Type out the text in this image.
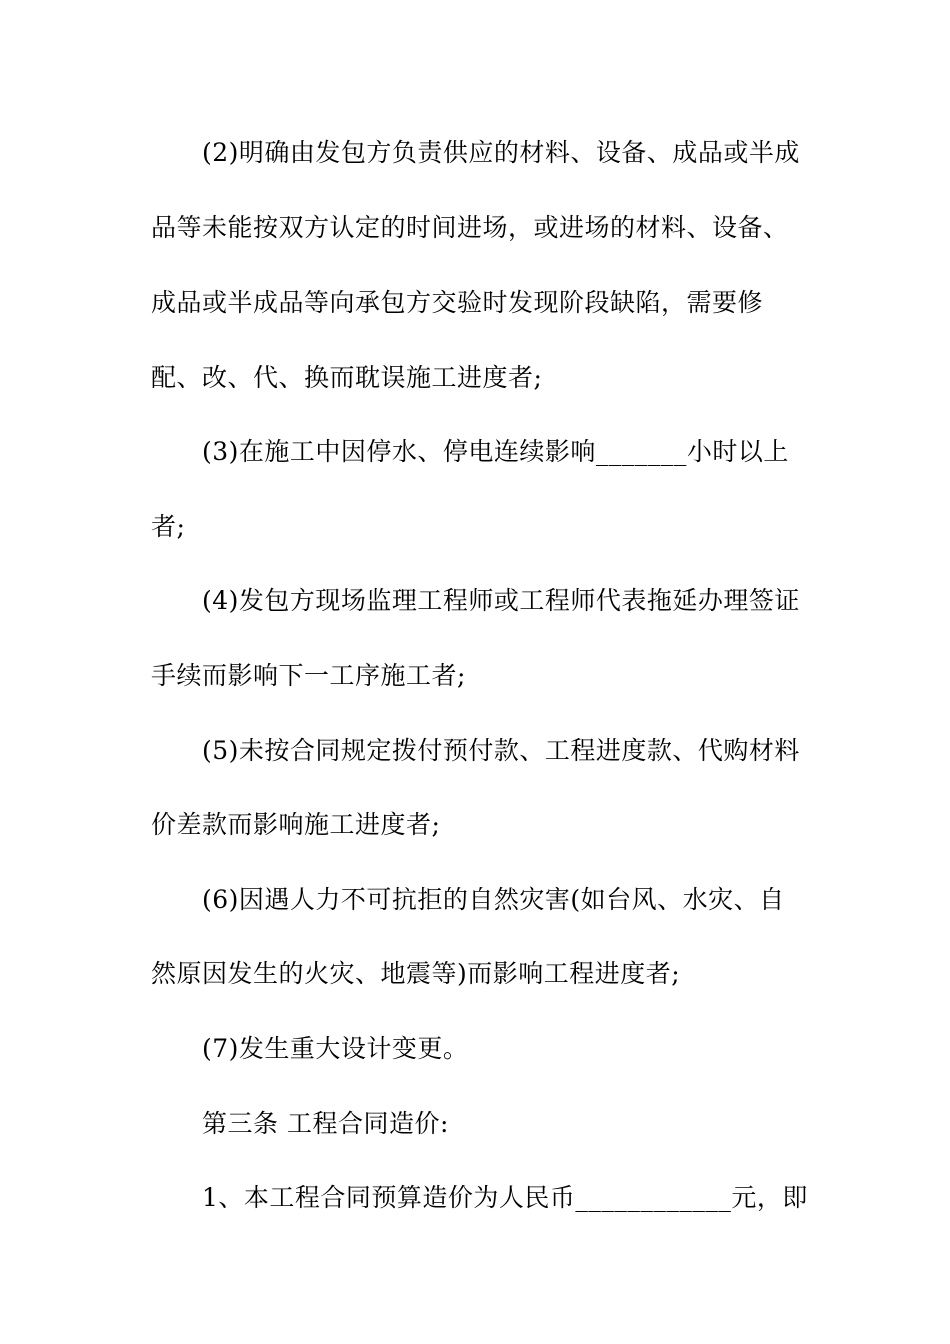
(2)明确由发包方负责供应的材料、设备、成品或半成
品等未能按双方认定的时间进场，或进场的材料、设备、
成品或半成品等向承包方交验时发现阶段缺陷，需要修
配、改、代、换而耽误施工进度者;
(3)在施工中因停水、停电连续影响_______小时以上
者;
(4)发包方现场监理工程师或工程师代表拖延办理签证
手续而影响下一工序施工者;
(5)未按合同规定拨付预付款、工程进度款、代购材料
价差款而影响施工进度者;
(6)因遇人力不可抗拒的自然灾害(如台风、水灾、自
然原因发生的火灾、地震等)而影响工程进度者;
(7)发生重大设计变更。
第三条 工程合同造价:
1、本工程合同预算造价为人民币____________元，即
